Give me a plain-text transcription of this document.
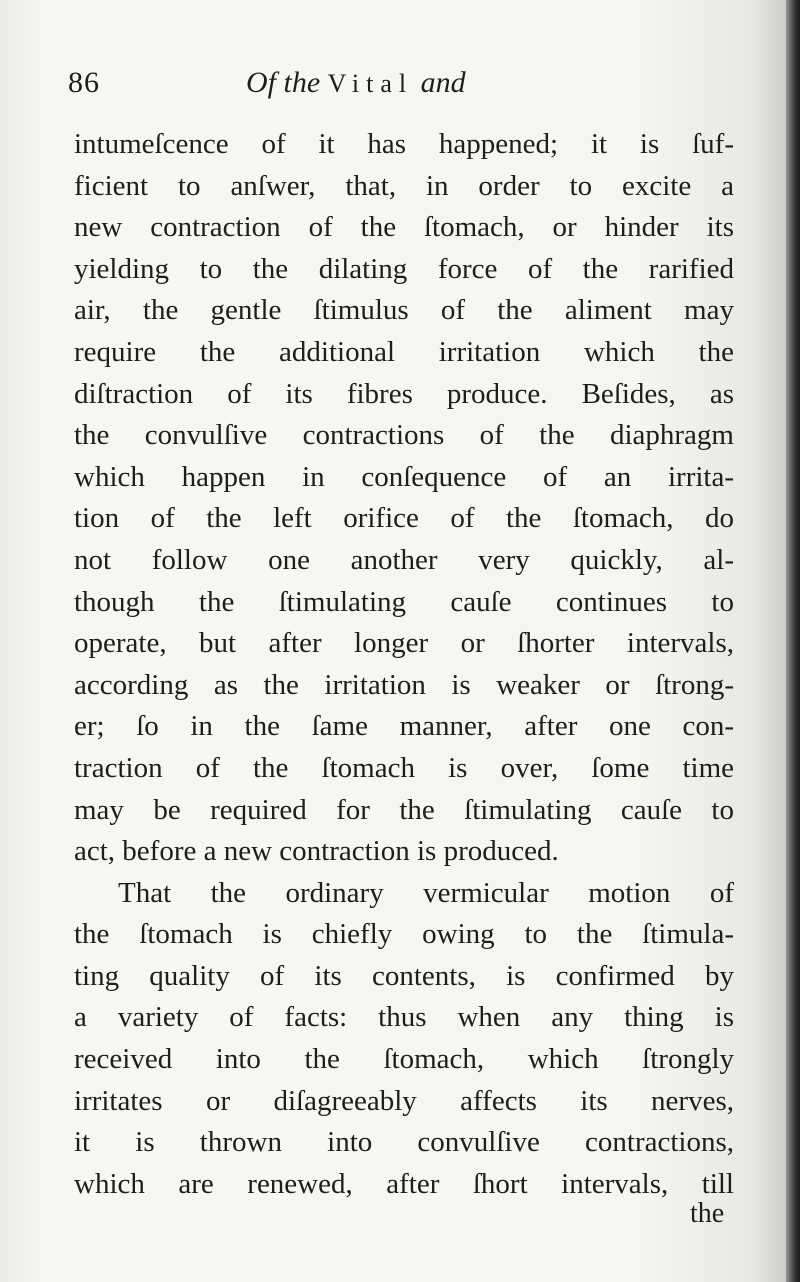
86	Of the Vital and
intumeſcence of it has happened; it is ſuf-
ficient to anſwer, that, in order to excite a
new contraction of the ſtomach, or hinder its
yielding to the dilating force of the rarified
air, the gentle ſtimulus of the aliment may
require the additional irritation which the
diſtraction of its fibres produce. Beſides, as
the convulſive contractions of the diaphragm
which happen in conſequence of an irrita-
tion of the left orifice of the ſtomach, do
not follow one another very quickly, al-
though the ſtimulating cauſe continues to
operate, but after longer or ſhorter intervals,
according as the irritation is weaker or ſtrong-
er; ſo in the ſame manner, after one con-
traction of the ſtomach is over, ſome time
may be required for the ſtimulating cauſe to
act, before a new contraction is produced.
That the ordinary vermicular motion of
the ſtomach is chiefly owing to the ſtimula-
ting quality of its contents, is confirmed by
a variety of facts: thus when any thing is
received into the ſtomach, which ſtrongly
irritates or diſagreeably affects its nerves,
it is thrown into convulſive contractions,
which are renewed, after ſhort intervals, till
the
